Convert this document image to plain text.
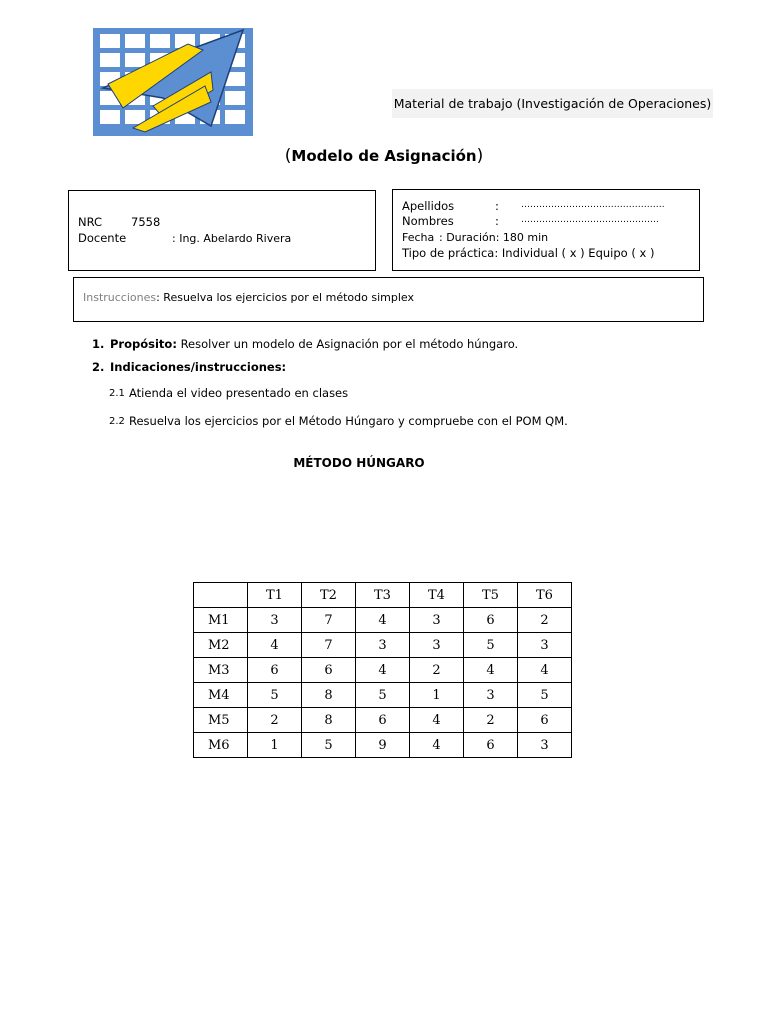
Material de trabajo (Investigación de Operaciones)
(Modelo de Asignación)
NRC	7558
Docente	: Ing. Abelardo Rivera
Apellidos	: ………………………..……………….
Nombres	: ……………………………………….
Fecha : Duración: 180 min
Tipo de práctica: Individual ( x ) Equipo ( x )
Instrucciones: Resuelva los ejercicios por el método simplex
1. Propósito: Resolver un modelo de Asignación por el método húngaro.
2. Indicaciones/instrucciones:
2.1 Atienda el video presentado en clases
2.2 Resuelva los ejercicios por el Método Húngaro y compruebe con el POM QM.
MÉTODO HÚNGARO
	T1	T2	T3	T4	T5	T6
M1	3	7	4	3	6	2
M2	4	7	3	3	5	3
M3	6	6	4	2	4	4
M4	5	8	5	1	3	5
M5	2	8	6	4	2	6
M6	1	5	9	4	6	3
